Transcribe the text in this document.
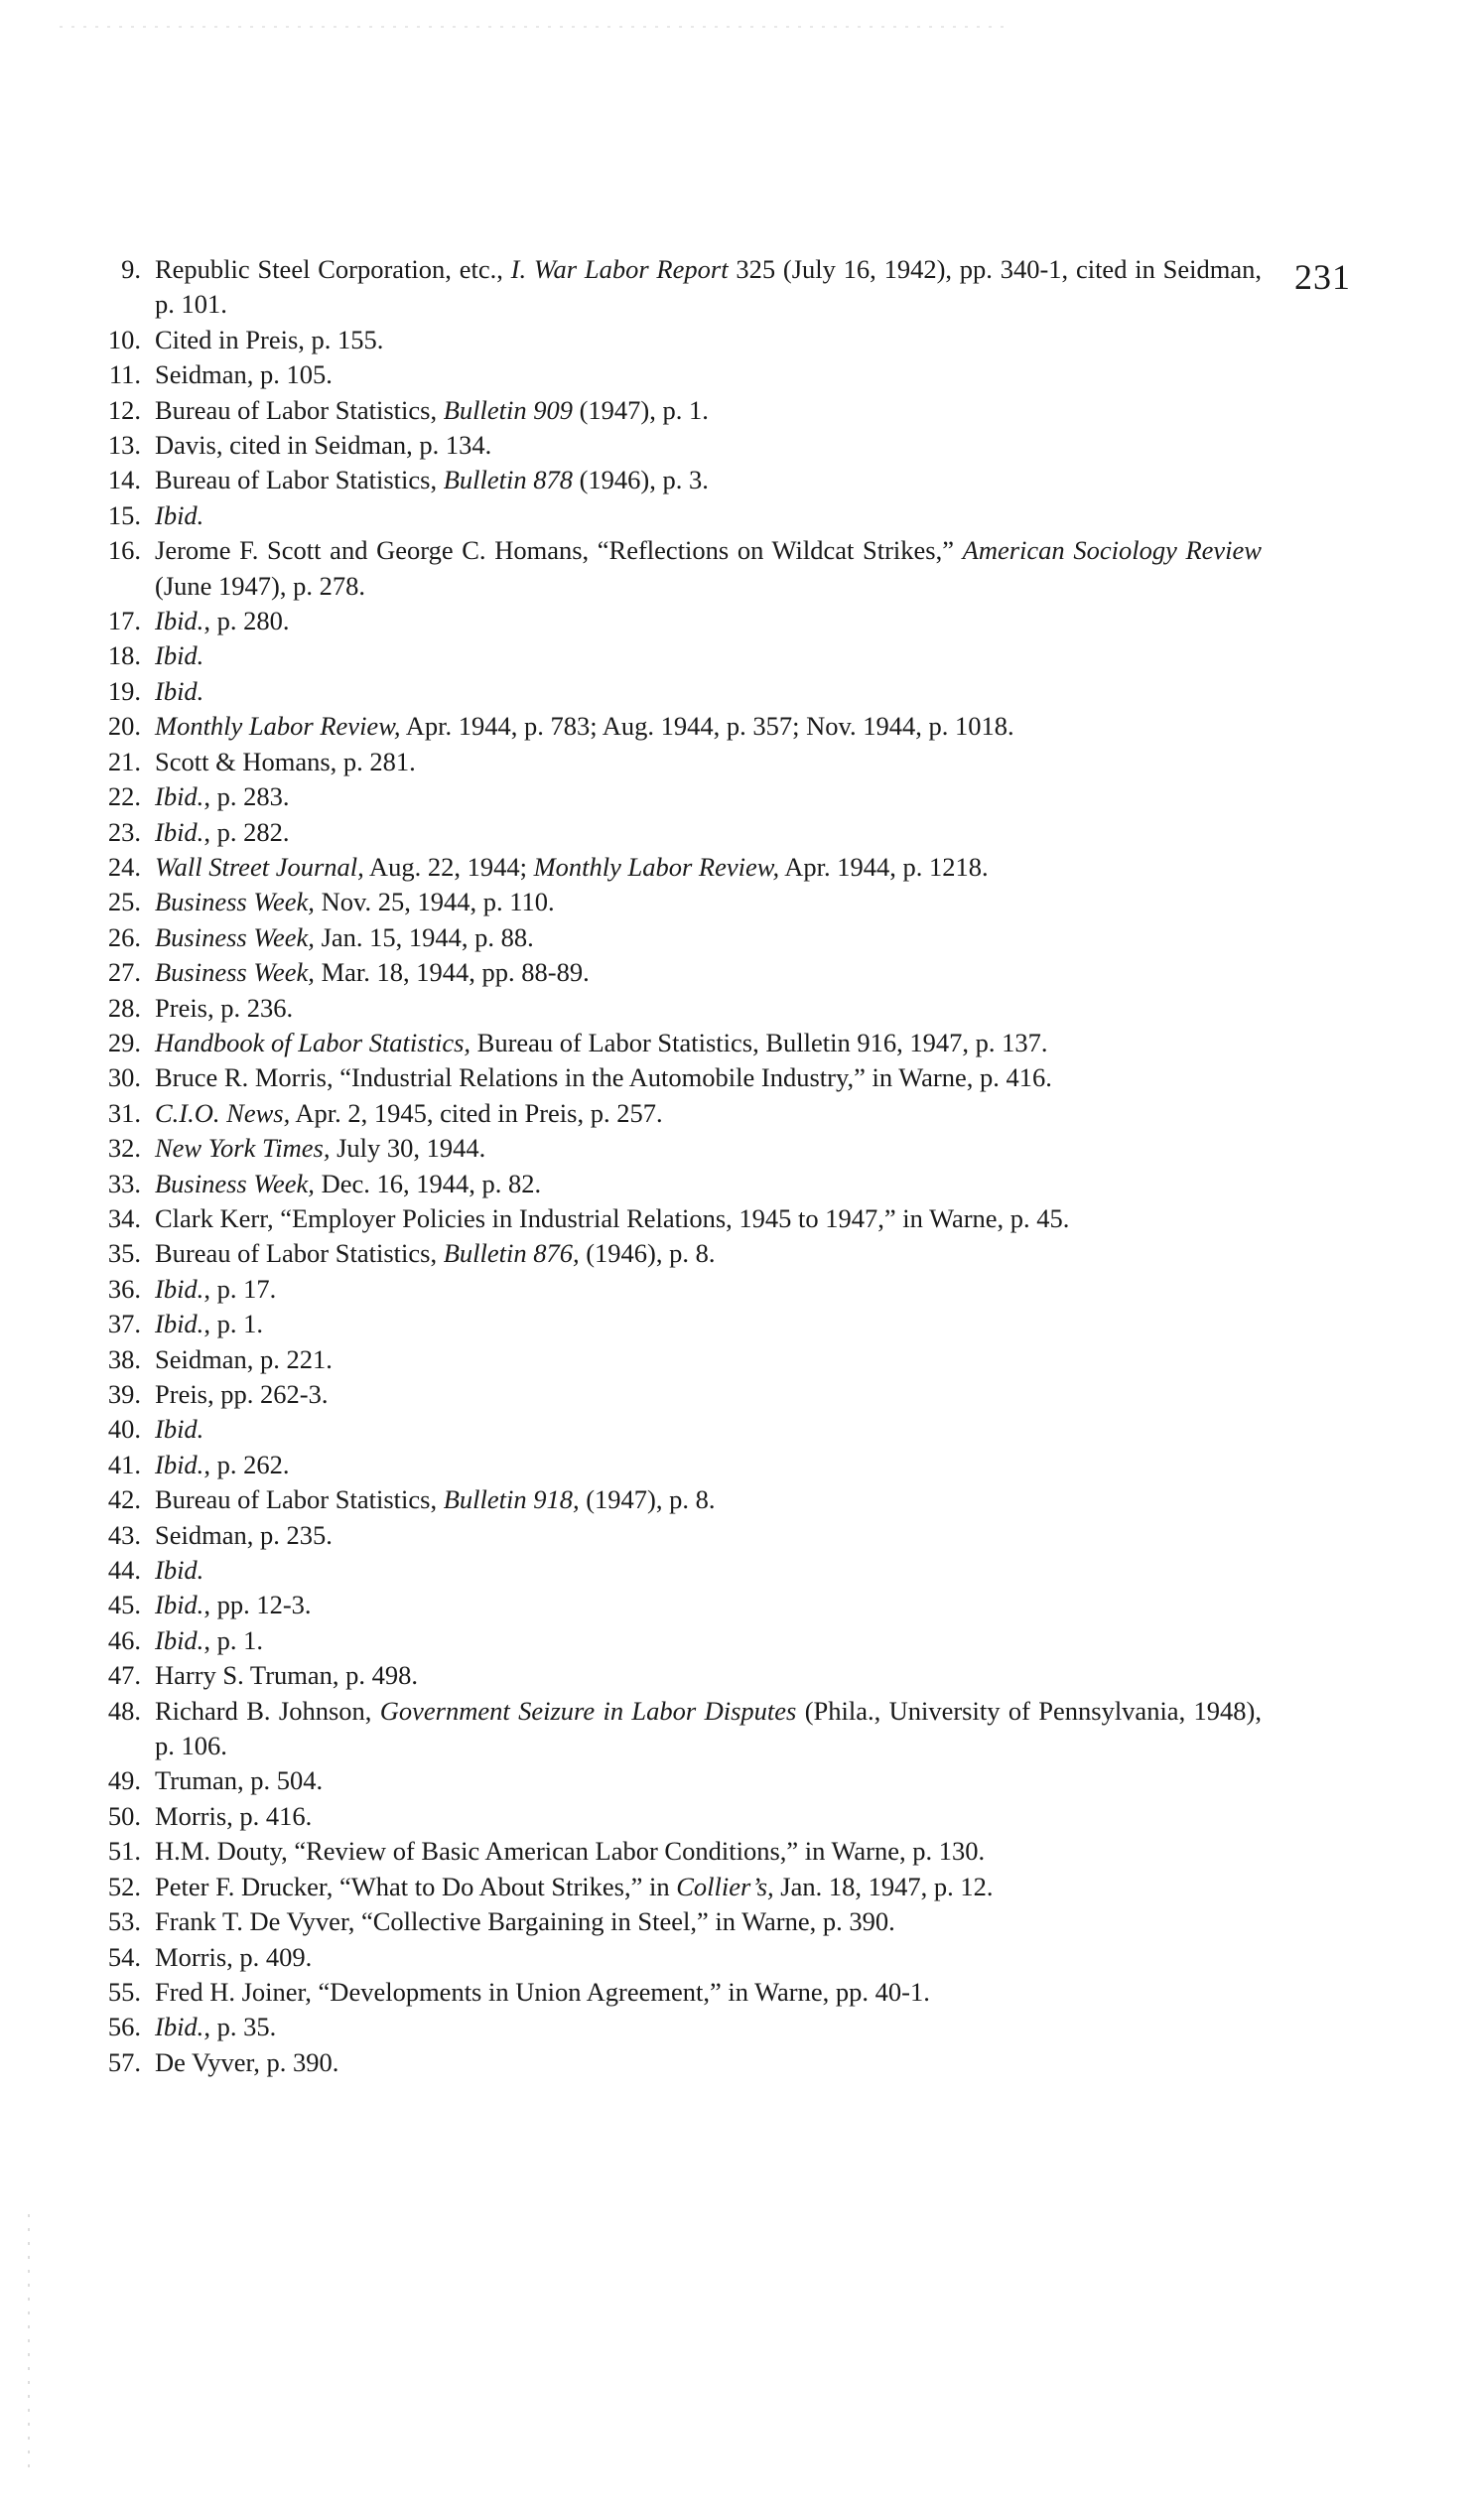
231
9. Republic Steel Corporation, etc., I. War Labor Report 325 (July 16, 1942), pp. 340-1, cited in Seidman, p. 101.
10. Cited in Preis, p. 155.
11. Seidman, p. 105.
12. Bureau of Labor Statistics, Bulletin 909 (1947), p. 1.
13. Davis, cited in Seidman, p. 134.
14. Bureau of Labor Statistics, Bulletin 878 (1946), p. 3.
15. Ibid.
16. Jerome F. Scott and George C. Homans, “Reflections on Wildcat Strikes,” American Sociology Review (June 1947), p. 278.
17. Ibid., p. 280.
18. Ibid.
19. Ibid.
20. Monthly Labor Review, Apr. 1944, p. 783; Aug. 1944, p. 357; Nov. 1944, p. 1018.
21. Scott & Homans, p. 281.
22. Ibid., p. 283.
23. Ibid., p. 282.
24. Wall Street Journal, Aug. 22, 1944; Monthly Labor Review, Apr. 1944, p. 1218.
25. Business Week, Nov. 25, 1944, p. 110.
26. Business Week, Jan. 15, 1944, p. 88.
27. Business Week, Mar. 18, 1944, pp. 88-89.
28. Preis, p. 236.
29. Handbook of Labor Statistics, Bureau of Labor Statistics, Bulletin 916, 1947, p. 137.
30. Bruce R. Morris, “Industrial Relations in the Automobile Industry,” in Warne, p. 416.
31. C.I.O. News, Apr. 2, 1945, cited in Preis, p. 257.
32. New York Times, July 30, 1944.
33. Business Week, Dec. 16, 1944, p. 82.
34. Clark Kerr, “Employer Policies in Industrial Relations, 1945 to 1947,” in Warne, p. 45.
35. Bureau of Labor Statistics, Bulletin 876, (1946), p. 8.
36. Ibid., p. 17.
37. Ibid., p. 1.
38. Seidman, p. 221.
39. Preis, pp. 262-3.
40. Ibid.
41. Ibid., p. 262.
42. Bureau of Labor Statistics, Bulletin 918, (1947), p. 8.
43. Seidman, p. 235.
44. Ibid.
45. Ibid., pp. 12-3.
46. Ibid., p. 1.
47. Harry S. Truman, p. 498.
48. Richard B. Johnson, Government Seizure in Labor Disputes (Phila., University of Pennsylvania, 1948), p. 106.
49. Truman, p. 504.
50. Morris, p. 416.
51. H.M. Douty, “Review of Basic American Labor Conditions,” in Warne, p. 130.
52. Peter F. Drucker, “What to Do About Strikes,” in Collier’s, Jan. 18, 1947, p. 12.
53. Frank T. De Vyver, “Collective Bargaining in Steel,” in Warne, p. 390.
54. Morris, p. 409.
55. Fred H. Joiner, “Developments in Union Agreement,” in Warne, pp. 40-1.
56. Ibid., p. 35.
57. De Vyver, p. 390.
